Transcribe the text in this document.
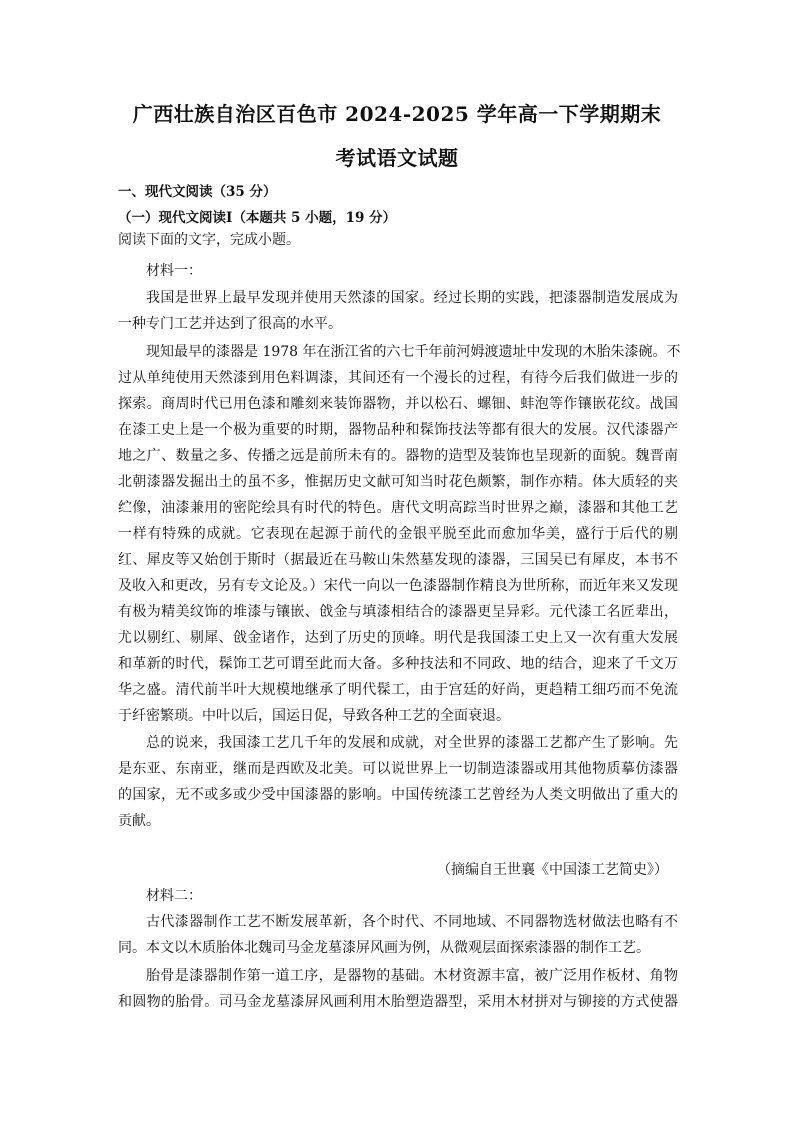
广西壮族自治区百色市 2024-2025 学年高一下学期期末
考试语文试题
一、现代文阅读（35 分）
（一）现代文阅读Ⅰ（本题共 5 小题，19 分）
阅读下面的文字，完成小题。
材料一：
我国是世界上最早发现并使用天然漆的国家。经过长期的实践，把漆器制造发展成为
一种专门工艺并达到了很高的水平。
现知最早的漆器是 1978 年在浙江省的六七千年前河姆渡遗址中发现的木胎朱漆碗。不
过从单纯使用天然漆到用色料调漆，其间还有一个漫长的过程，有待今后我们做进一步的
探索。商周时代已用色漆和雕刻来装饰器物，并以松石、螺钿、蚌泡等作镶嵌花纹。战国
在漆工史上是一个极为重要的时期，器物品种和髹饰技法等都有很大的发展。汉代漆器产
地之广、数量之多、传播之远是前所未有的。器物的造型及装饰也呈现新的面貌。魏晋南
北朝漆器发掘出土的虽不多，惟据历史文献可知当时花色颇繁，制作亦精。体大质轻的夹
纻像，油漆兼用的密陀绘具有时代的特色。唐代文明高踪当时世界之巅，漆器和其他工艺
一样有特殊的成就。它表现在起源于前代的金银平脱至此而愈加华美，盛行于后代的剔
红、犀皮等又始创于斯时（据最近在马鞍山朱然墓发现的漆器，三国吴已有犀皮，本书不
及收入和更改，另有专文论及。）宋代一向以一色漆器制作精良为世所称，而近年来又发现
有极为精美纹饰的堆漆与镶嵌、戗金与填漆相结合的漆器更呈异彩。元代漆工名匠辈出，
尤以剔红、剔犀、戗金诸作，达到了历史的顶峰。明代是我国漆工史上又一次有重大发展
和革新的时代，髹饰工艺可谓至此而大备。多种技法和不同政、地的结合，迎来了千文万
华之盛。清代前半叶大规模地继承了明代髹工，由于宫廷的好尚，更趋精工细巧而不免流
于纤密繁琐。中叶以后，国运日促，导致各种工艺的全面衰退。
总的说来，我国漆工艺几千年的发展和成就，对全世界的漆器工艺都产生了影响。先
是东亚、东南亚，继而是西欧及北美。可以说世界上一切制造漆器或用其他物质摹仿漆器
的国家，无不或多或少受中国漆器的影响。中国传统漆工艺曾经为人类文明做出了重大的
贡献。
（摘编自王世襄《中国漆工艺简史》）
材料二：
古代漆器制作工艺不断发展革新，各个时代、不同地域、不同器物选材做法也略有不
同。本文以木质胎体北魏司马金龙墓漆屏风画为例，从微观层面探索漆器的制作工艺。
胎骨是漆器制作第一道工序，是器物的基础。木材资源丰富，被广泛用作板材、角物
和圆物的胎骨。司马金龙墓漆屏风画利用木胎塑造器型，采用木材拼对与铆接的方式使器
